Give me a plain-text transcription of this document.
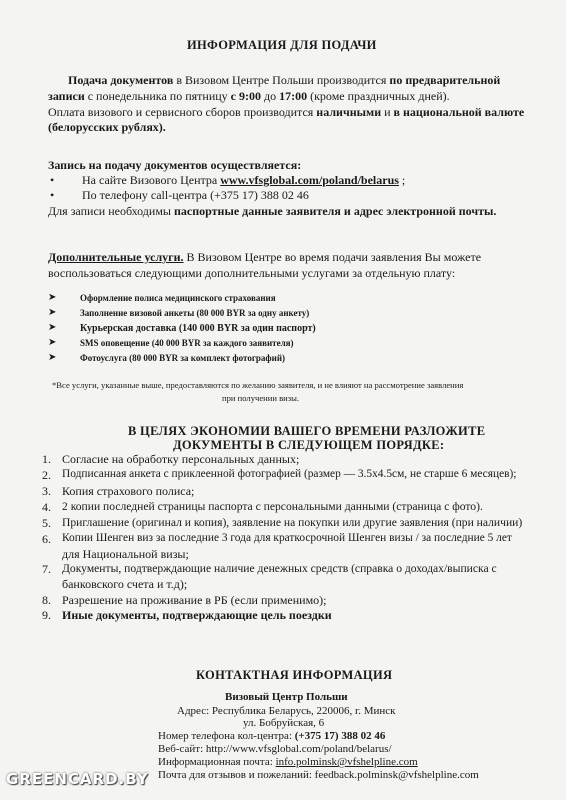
ИНФОРМАЦИЯ ДЛЯ ПОДАЧИ
Подача документов в Визовом Центре Польши производится по предварительной
записи с понедельника по пятницу с 9:00 до 17:00 (кроме праздничных дней).
Оплата визового и сервисного сборов производится наличными и в национальной валюте
(белорусских рублях).
Запись на подачу документов осуществляется:
• На сайте Визового Центра www.vfsglobal.com/poland/belarus ;
• По телефону call-центра (+375 17) 388 02 46
Для записи необходимы паспортные данные заявителя и адрес электронной почты.
Дополнительные услуги. В Визовом Центре во время подачи заявления Вы можете
воспользоваться следующими дополнительными услугами за отдельную плату:
➤	Оформление полиса медицинского страхования
➤	Заполнение визовой анкеты (80 000 BYR за одну анкету)
➤ Курьерская доставка (140 000 BYR за один паспорт)
➤	SMS оповещение (40 000 BYR за каждого заявителя)
➤	Фотоуслуга (80 000 BYR за комплект фотографий)
*Все услуги, указанные выше, предоставляются по желанию заявителя, и не влияют на рассмотрение заявления
при получении визы.
В ЦЕЛЯХ ЭКОНОМИИ ВАШЕГО ВРЕМЕНИ РАЗЛОЖИТЕ
ДОКУМЕНТЫ В СЛЕДУЮЩЕМ ПОРЯДКЕ:
1. Согласие на обработку персональных данных;
2. Подписанная анкета с приклеенной фотографией (размер — 3.5х4.5см, не старше 6 месяцев);
3. Копия страхового полиса;
4. 2 копии последней страницы паспорта с персональными данными (страница с фото).
5. Приглашение (оригинал и копия), заявление на покупки или другие заявления (при наличии)
6. Копии Шенген виз за последние 3 года для краткосрочной Шенген визы / за последние 5 лет
для Национальной визы;
7. Документы, подтверждающие наличие денежных средств (справка о доходах/выписка с
банковского счета и т.д);
8. Разрешение на проживание в РБ (если применимо);
9. Иные документы, подтверждающие цель поездки
КОНТАКТНАЯ ИНФОРМАЦИЯ
Визовый Центр Польши
Адрес: Республика Беларусь, 220006, г. Минск
ул. Бобруйская, 6
Номер телефона кол-центра: (+375 17) 388 02 46
Веб-сайт: http://www.vfsglobal.com/poland/belarus/
Информационная почта: info.polminsk@vfshelpline.com
Почта для отзывов и пожеланий: feedback.polminsk@vfshelpline.com
GREENCARD.BY
